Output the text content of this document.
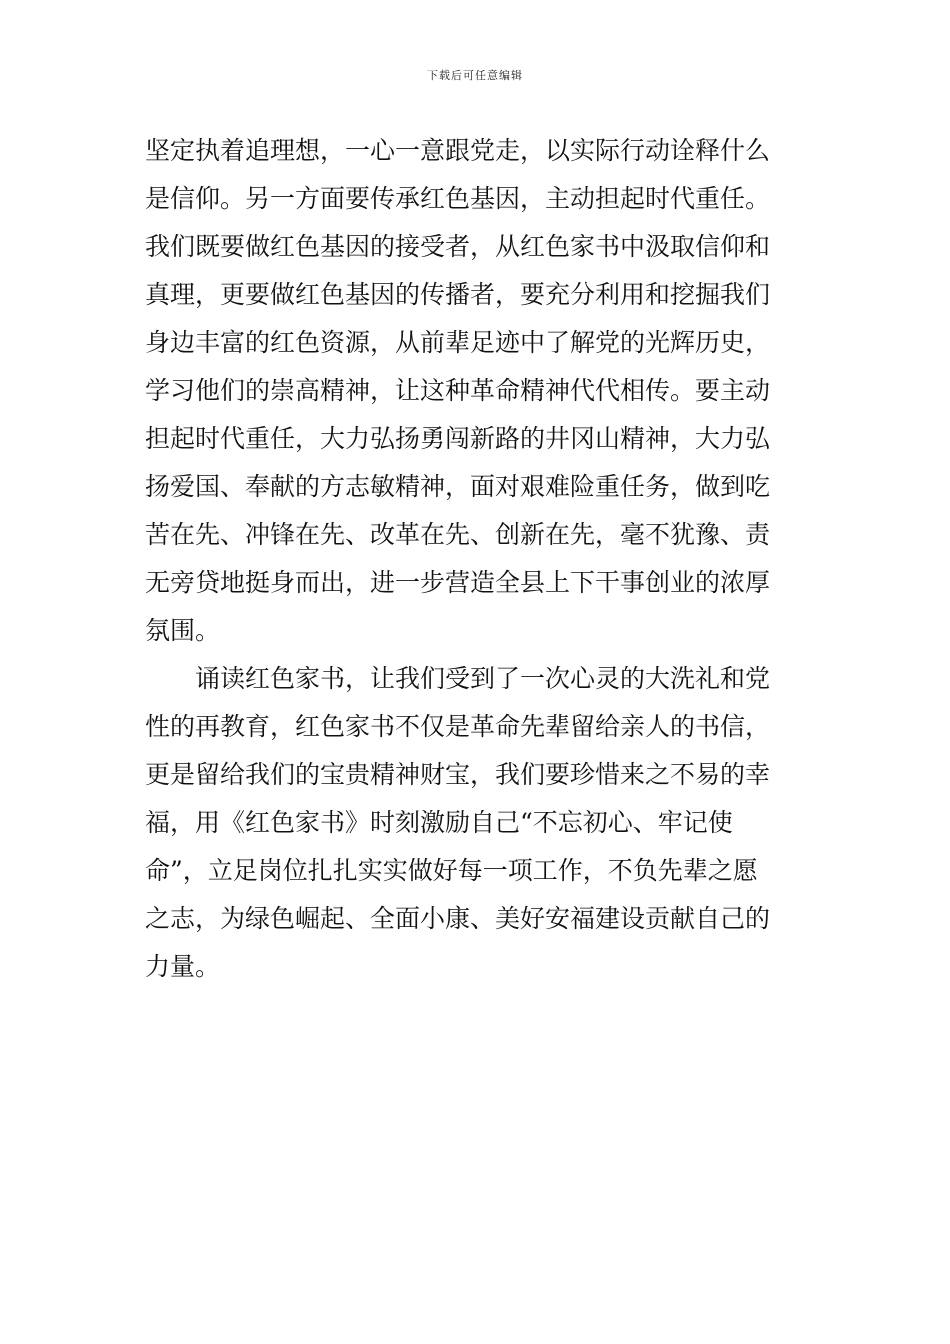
下载后可任意编辑
坚定执着追理想，一心一意跟党走，以实际行动诠释什么
是信仰。另一方面要传承红色基因，主动担起时代重任。
我们既要做红色基因的接受者，从红色家书中汲取信仰和
真理，更要做红色基因的传播者，要充分利用和挖掘我们
身边丰富的红色资源，从前辈足迹中了解党的光辉历史，
学习他们的崇高精神，让这种革命精神代代相传。要主动
担起时代重任，大力弘扬勇闯新路的井冈山精神，大力弘
扬爱国、奉献的方志敏精神，面对艰难险重任务，做到吃
苦在先、冲锋在先、改革在先、创新在先，毫不犹豫、责
无旁贷地挺身而出，进一步营造全县上下干事创业的浓厚
氛围。
　　诵读红色家书，让我们受到了一次心灵的大洗礼和党
性的再教育，红色家书不仅是革命先辈留给亲人的书信，
更是留给我们的宝贵精神财宝，我们要珍惜来之不易的幸
福，用《红色家书》时刻激励自己“不忘初心、牢记使
命”，立足岗位扎扎实实做好每一项工作，不负先辈之愿
之志，为绿色崛起、全面小康、美好安福建设贡献自己的
力量。
